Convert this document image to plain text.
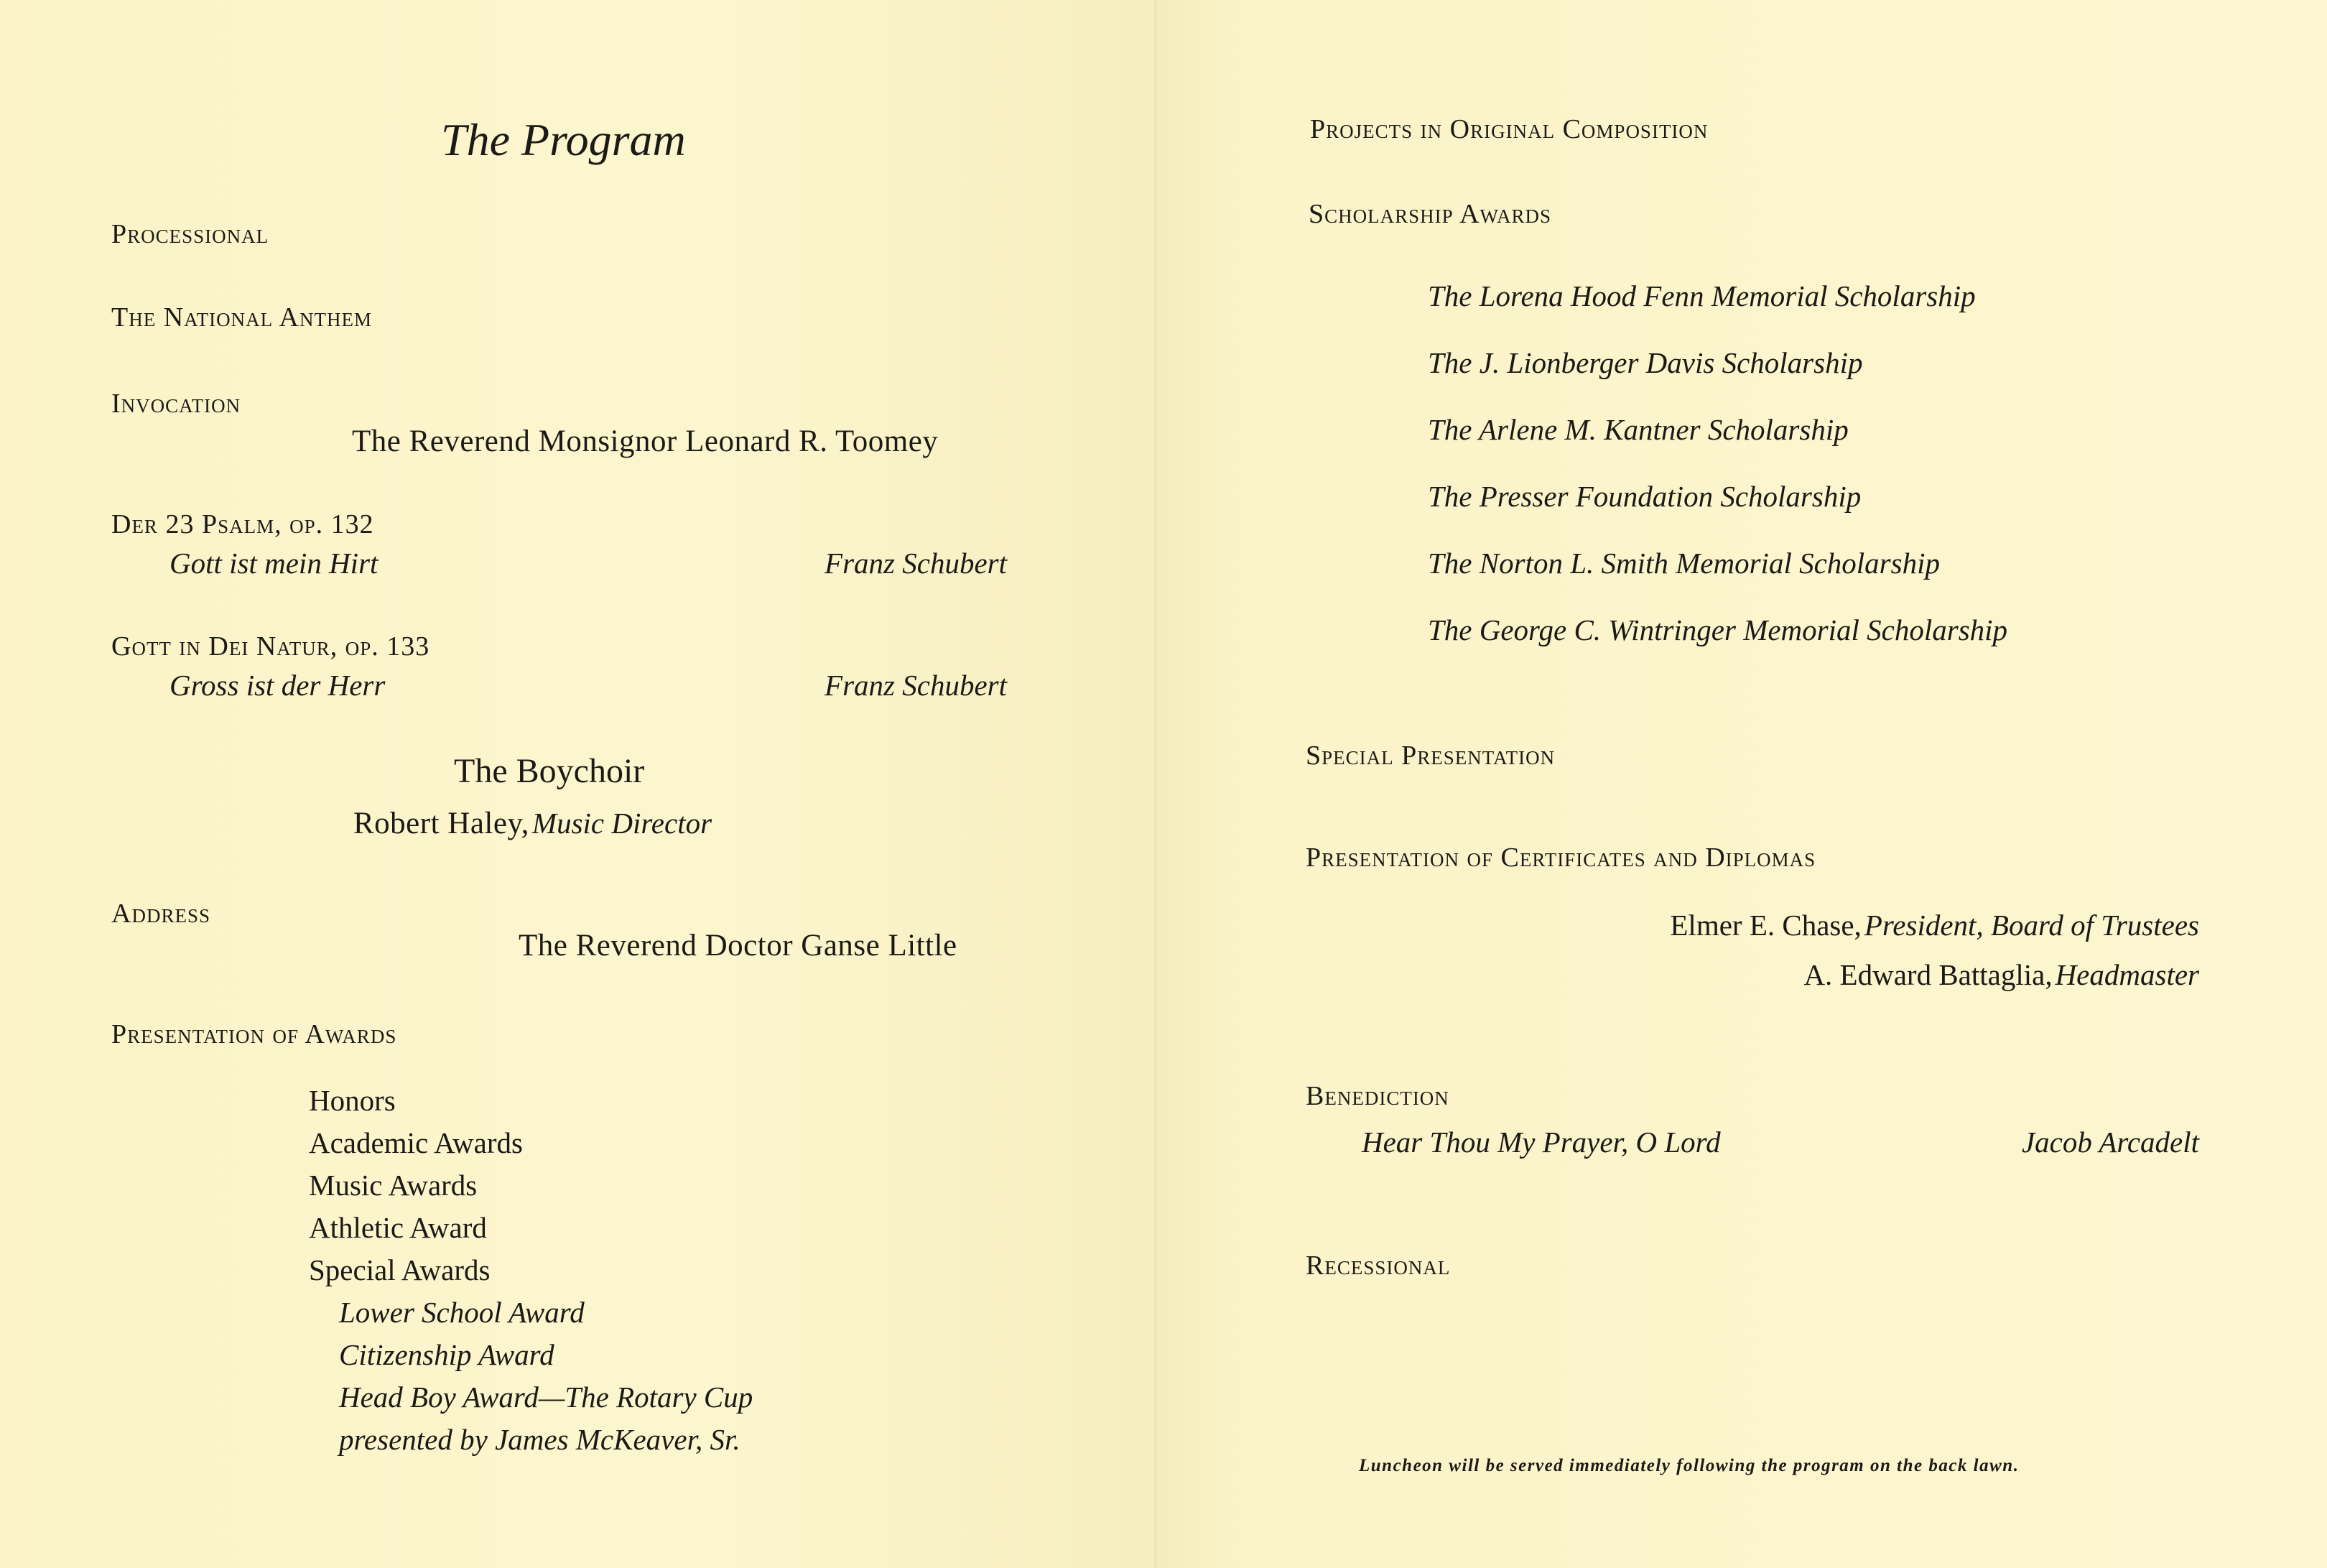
The Program
Processional
The National Anthem
Invocation
The Reverend Monsignor Leonard R. Toomey
Der 23 Psalm, op. 132
Gott ist mein Hirt	Franz Schubert
Gott in Dei Natur, op. 133
Gross ist der Herr	Franz Schubert
The Boychoir
Robert Haley, Music Director
Address
The Reverend Doctor Ganse Little
Presentation of Awards
Honors
Academic Awards
Music Awards
Athletic Award
Special Awards
Lower School Award
Citizenship Award
Head Boy Award—The Rotary Cup
presented by James McKeaver, Sr.
Projects in Original Composition
Scholarship Awards
The Lorena Hood Fenn Memorial Scholarship
The J. Lionberger Davis Scholarship
The Arlene M. Kantner Scholarship
The Presser Foundation Scholarship
The Norton L. Smith Memorial Scholarship
The George C. Wintringer Memorial Scholarship
Special Presentation
Presentation of Certificates and Diplomas
Elmer E. Chase, President, Board of Trustees
A. Edward Battaglia, Headmaster
Benediction
Hear Thou My Prayer, O Lord	Jacob Arcadelt
Recessional
Luncheon will be served immediately following the program on the back lawn.
